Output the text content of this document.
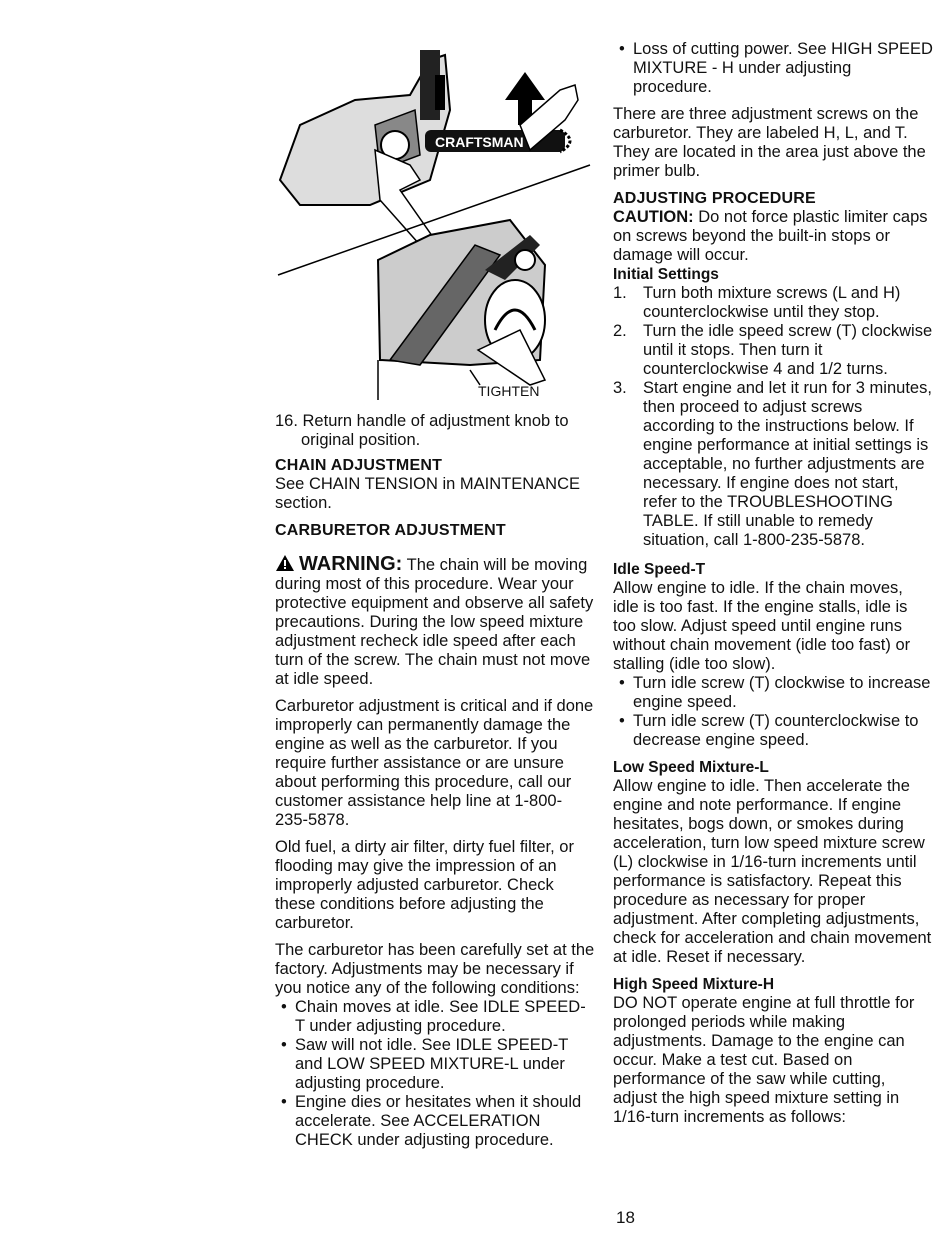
CRAFTSMAN
TIGHTEN

16. Return handle of adjustment knob to original position.

CHAIN ADJUSTMENT

See CHAIN TENSION in MAINTENANCE section.

CARBURETOR ADJUSTMENT

WARNING: The chain will be moving during most of this procedure. Wear your protective equipment and observe all safety precautions. During the low speed mixture adjustment recheck idle speed after each turn of the screw. The chain must not move at idle speed.

Carburetor adjustment is critical and if done improperly can permanently damage the engine as well as the carburetor. If you require further assistance or are unsure about performing this procedure, call our customer assistance help line at 1-800-235-5878.

Old fuel, a dirty air filter, dirty fuel filter, or flooding may give the impression of an improperly adjusted carburetor. Check these conditions before adjusting the carburetor.

The carburetor has been carefully set at the factory. Adjustments may be necessary if you notice any of the following conditions:

• Chain moves at idle. See IDLE SPEED-T under adjusting procedure.
• Saw will not idle. See IDLE SPEED-T and LOW SPEED MIXTURE-L under adjusting procedure.
• Engine dies or hesitates when it should accelerate. See ACCELERATION CHECK under adjusting procedure.
• Loss of cutting power. See HIGH SPEED MIXTURE - H under adjusting procedure.

There are three adjustment screws on the carburetor. They are labeled H, L, and T. They are located in the area just above the primer bulb.

ADJUSTING PROCEDURE

CAUTION: Do not force plastic limiter caps on screws beyond the built-in stops or damage will occur.

Initial Settings
1. Turn both mixture screws (L and H) counterclockwise until they stop.
2. Turn the idle speed screw (T) clockwise until it stops. Then turn it counterclockwise 4 and 1/2 turns.
3. Start engine and let it run for 3 minutes, then proceed to adjust screws according to the instructions below. If engine performance at initial settings is acceptable, no further adjustments are necessary. If engine does not start, refer to the TROUBLESHOOTING TABLE. If still unable to remedy situation, call 1-800-235-5878.
Idle Speed-T

Allow engine to idle. If the chain moves, idle is too fast. If the engine stalls, idle is too slow. Adjust speed until engine runs without chain movement (idle too fast) or stalling (idle too slow).

• Turn idle screw (T) clockwise to increase engine speed.
• Turn idle screw (T) counterclockwise to decrease engine speed.
Low Speed Mixture-L

Allow engine to idle. Then accelerate the engine and note performance. If engine hesitates, bogs down, or smokes during acceleration, turn low speed mixture screw (L) clockwise in 1/16-turn increments until performance is satisfactory. Repeat this procedure as necessary for proper adjustment. After completing adjustments, check for acceleration and chain movement at idle. Reset if necessary.

High Speed Mixture-H

DO NOT operate engine at full throttle for prolonged periods while making adjustments. Damage to the engine can occur. Make a test cut. Based on performance of the saw while cutting, adjust the high speed mixture setting in 1/16-turn increments as follows:

18
